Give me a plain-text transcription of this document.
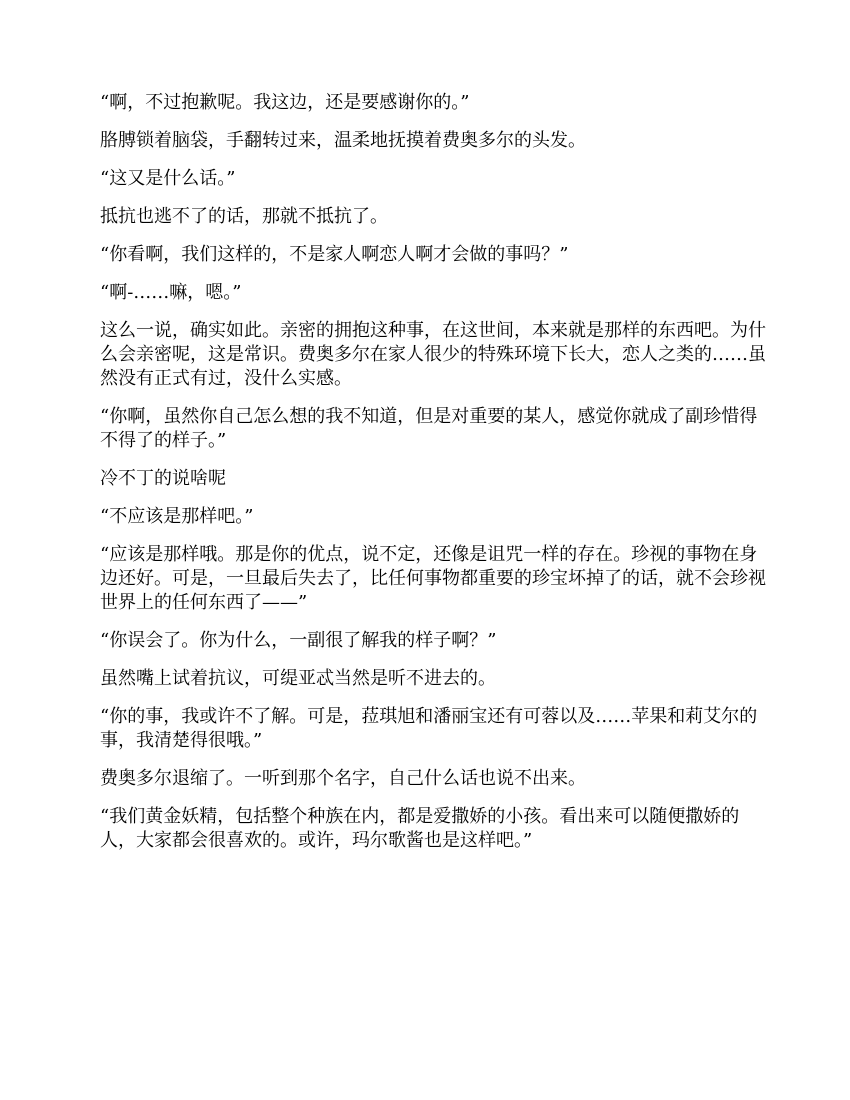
“啊，不过抱歉呢。我这边，还是要感谢你的。”

胳膊锁着脑袋，手翻转过来，温柔地抚摸着费奥多尔的头发。

“这又是什么话。”

抵抗也逃不了的话，那就不抵抗了。

“你看啊，我们这样的，不是家人啊恋人啊才会做的事吗？”

“啊-……嘛，嗯。”

这么一说，确实如此。亲密的拥抱这种事，在这世间，本来就是那样的东西吧。为什么会亲密呢，这是常识。费奥多尔在家人很少的特殊环境下长大，恋人之类的……虽然没有正式有过，没什么实感。

“你啊，虽然你自己怎么想的我不知道，但是对重要的某人，感觉你就成了副珍惜得不得了的样子。”

冷不丁的说啥呢

“不应该是那样吧。”

“应该是那样哦。那是你的优点，说不定，还像是诅咒一样的存在。珍视的事物在身边还好。可是，一旦最后失去了，比任何事物都重要的珍宝坏掉了的话，就不会珍视世界上的任何东西了——”

“你误会了。你为什么，一副很了解我的样子啊？”

虽然嘴上试着抗议，可缇亚忒当然是听不进去的。

“你的事，我或许不了解。可是，菈琪旭和潘丽宝还有可蓉以及……苹果和莉艾尔的事，我清楚得很哦。”

费奥多尔退缩了。一听到那个名字，自己什么话也说不出来。

“我们黄金妖精，包括整个种族在内，都是爱撒娇的小孩。看出来可以随便撒娇的人，大家都会很喜欢的。或许，玛尔歌酱也是这样吧。”
